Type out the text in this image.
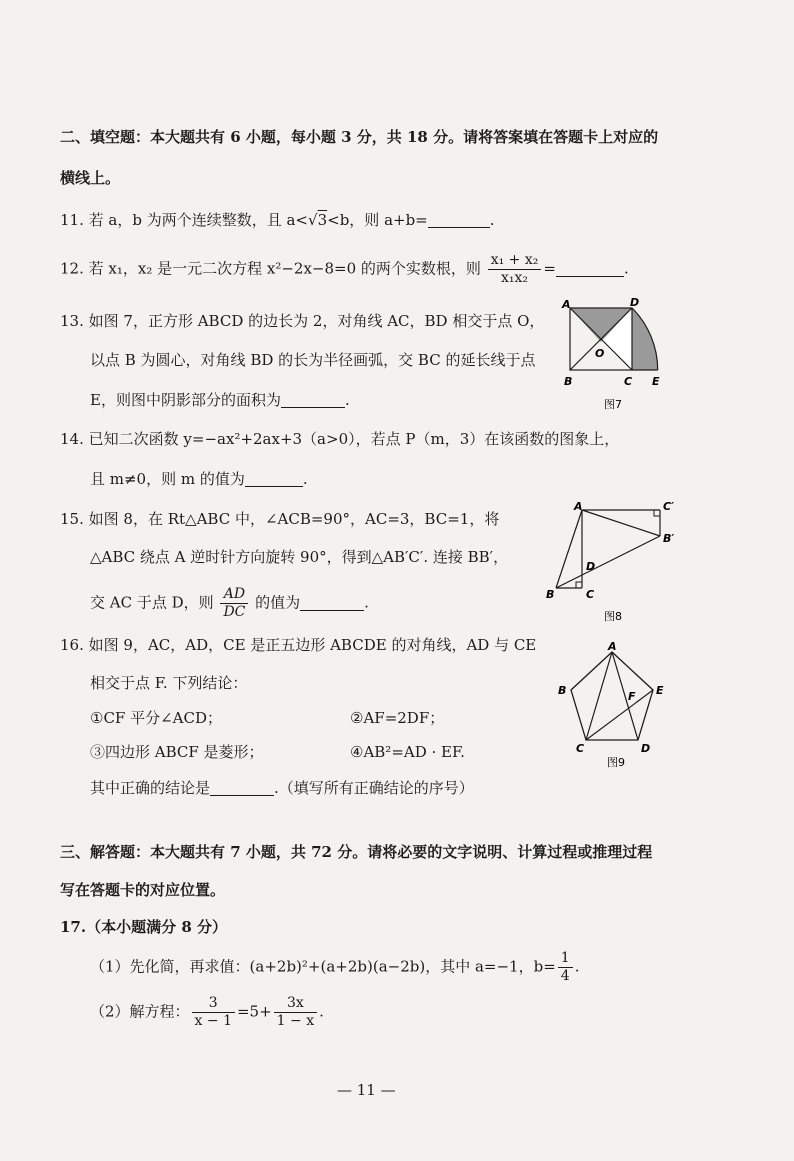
二、填空题：本大题共有 6 小题，每小题 3 分，共 18 分。请将答案填在答题卡上对应的
横线上。
11. 若 a，b 为两个连续整数，且 a<√3<b，则 a+b=	.
12. 若 x₁，x₂ 是一元二次方程 x²−2x−8=0 的两个实数根，则 $\frac{\text{x₁ + x₂}}{\text{x₁x₂}}$ =	.
13. 如图 7，正方形 ABCD 的边长为 2，对角线 AC，BD 相交于点 O，
以点 B 为圆心，对角线 BD 的长为半径画弧，交 BC 的延长线于点
E，则图中阴影部分的面积为	.
A	D
O
B	C E
图7
14. 已知二次函数 y=−ax²+2ax+3（a>0），若点 P（m，3）在该函数的图象上，
且 m≠0，则 m 的值为	.
15. 如图 8，在 Rt△ABC 中，∠ACB=90°，AC=3，BC=1，将
△ABC 绕点 A 逆时针方向旋转 90°，得到△AB′C′. 连接 BB′，
交 AC 于点 D，则 $\frac{AD}{DC}$ 的值为	.
A	C′
B′
D
B	C
图8
16. 如图 9，AC，AD，CE 是正五边形 ABCDE 的对角线，AD 与 CE
相交于点 F. 下列结论：
①CF 平分∠ACD；	②AF=2DF；
③四边形 ABCF 是菱形；	④AB²=AD · EF.
其中正确的结论是	.（填写所有正确结论的序号）
A
B	E
F
C	D
图9
三、解答题：本大题共有 7 小题，共 72 分。请将必要的文字说明、计算过程或推理过程
写在答题卡的对应位置。
17.（本小题满分 8 分）
（1）先化简，再求值：(a+2b)²+(a+2b)(a−2b)，其中 a=−1，$b= \frac{1}{4}$ .
（2）解方程： $\frac{3}{x - 1} =5+ \frac{3x}{1 - x}$ .
— 11 —
